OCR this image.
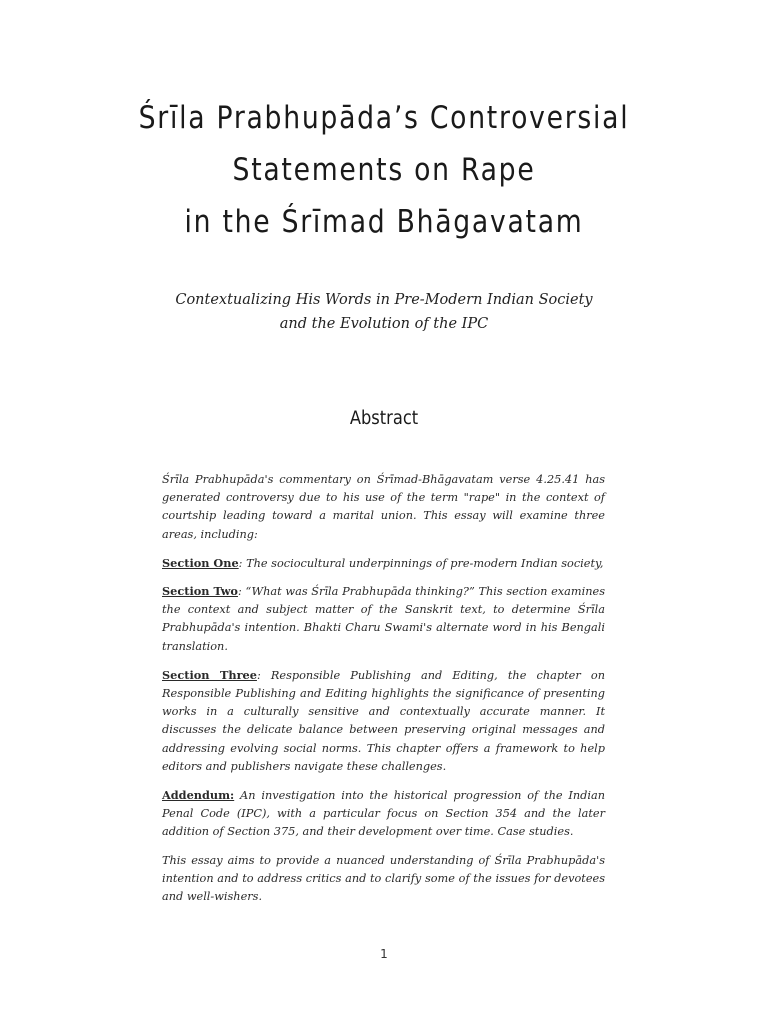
Śrīla Prabhupāda’s Controversial
Statements on Rape
in the Śrīmad Bhāgavatam
Contextualizing His Words in Pre-Modern Indian Society
and the Evolution of the IPC
Abstract

Śrīla Prabhupāda's commentary on Śrīmad-Bhāgavatam verse 4.25.41 has generated controversy due to his use of the term "rape" in the context of courtship leading toward a marital union. This essay will examine three areas, including:

Section One: The sociocultural underpinnings of pre-modern Indian society,

Section Two: “What was Śrīla Prabhupāda thinking?” This section examines the context and subject matter of the Sanskrit text, to determine Śrīla Prabhupāda's intention. Bhakti Charu Swami's alternate word in his Bengali translation.

Section Three: Responsible Publishing and Editing, the chapter on Responsible Publishing and Editing highlights the significance of presenting works in a culturally sensitive and contextually accurate manner. It discusses the delicate balance between preserving original messages and addressing evolving social norms. This chapter offers a framework to help editors and publishers navigate these challenges.

Addendum: An investigation into the historical progression of the Indian Penal Code (IPC), with a particular focus on Section 354 and the later addition of Section 375, and their development over time. Case studies.

This essay aims to provide a nuanced understanding of Śrīla Prabhupāda's intention and to address critics and to clarify some of the issues for devotees and well-wishers.

1
